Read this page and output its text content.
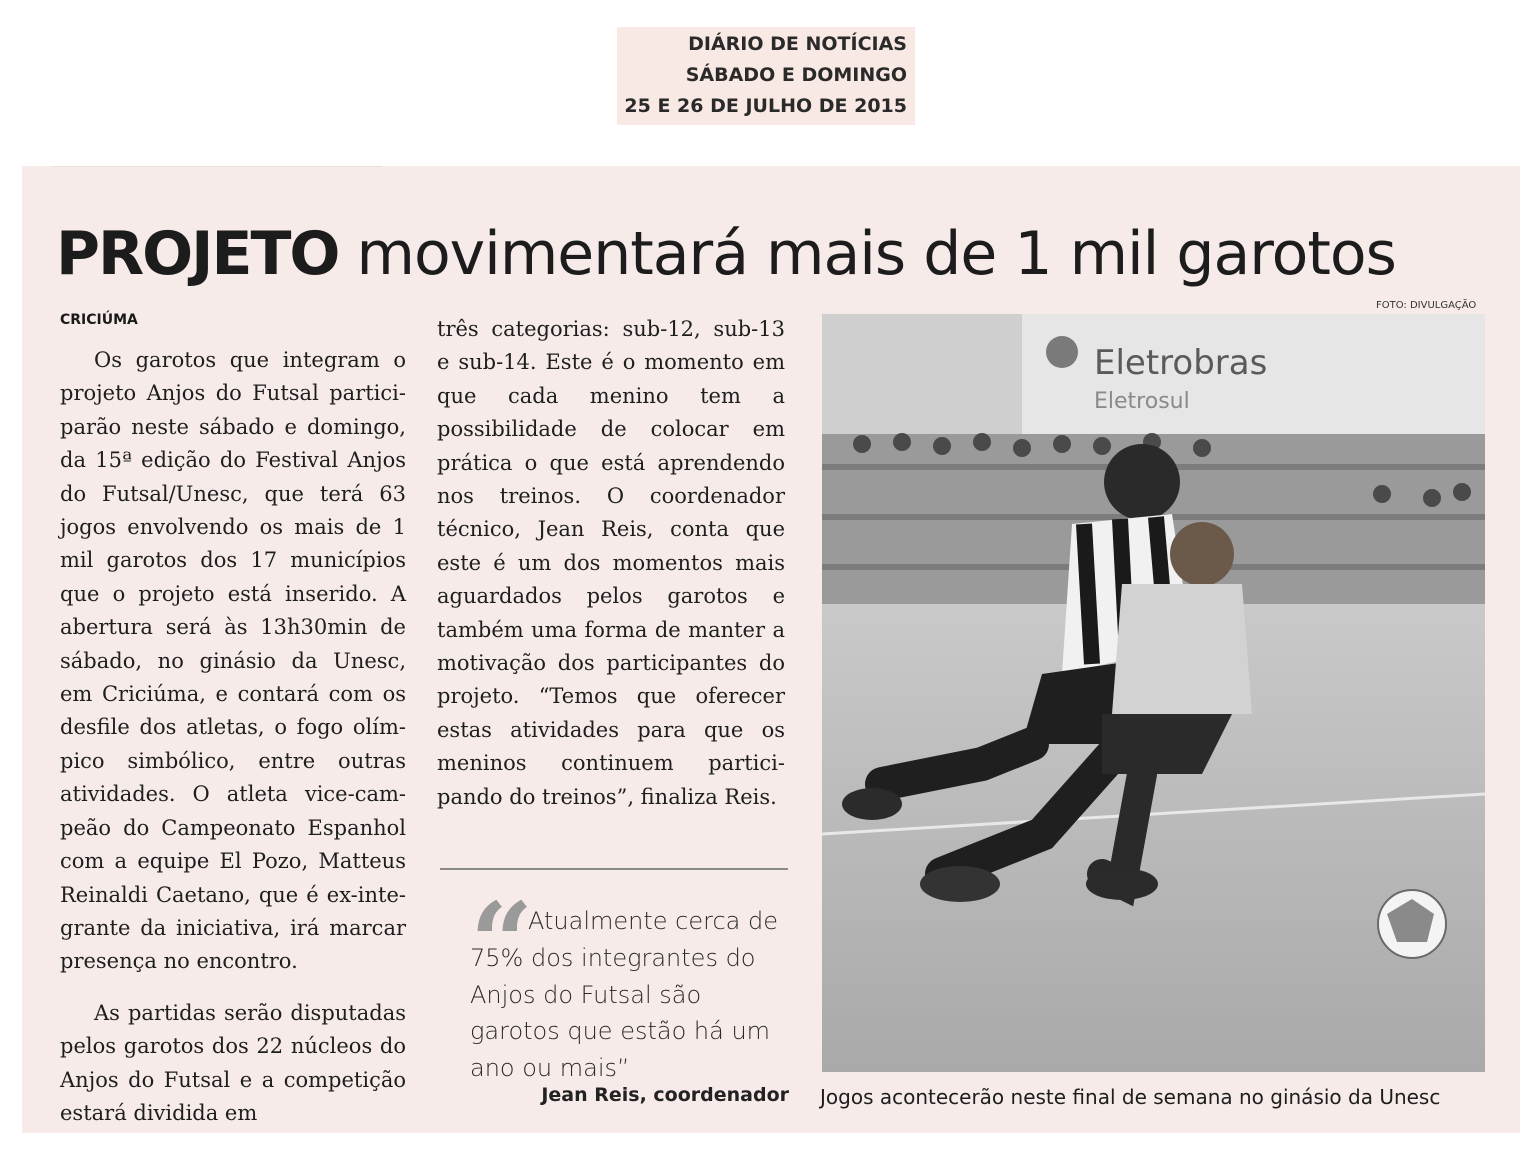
DIÁRIO DE NOTÍCIAS
SÁBADO E DOMINGO
25 E 26 DE JULHO DE 2015
PROJETO movimentará mais de 1 mil garotos
CRICIÚMA

Os garotos que integram o projeto Anjos do Futsal participarão neste sábado e domingo, da 15ª edição do Festival Anjos do Futsal/Unesc, que terá 63 jogos envolvendo os mais de 1 mil garotos dos 17 municípios que o projeto está inserido. A abertura será às 13h30min de sábado, no ginásio da Unesc, em Criciúma, e contará com os desfile dos atletas, o fogo olímpico simbólico, entre outras atividades. O atleta vice-campeão do Campeonato Espanhol com a equipe El Pozo, Matteus Reinaldi Caetano, que é ex-integrante da iniciativa, irá marcar presença no encontro.

As partidas serão disputadas pelos garotos dos 22 núcleos do Anjos do Futsal e a competição estará dividida em

três categorias: sub-12, sub-13 e sub-14. Este é o momento em que cada menino tem a possibilidade de colocar em prática o que está aprendendo nos treinos. O coordenador técnico, Jean Reis, conta que este é um dos momentos mais aguardados pelos garotos e também uma forma de manter a motivação dos participantes do projeto. “Temos que oferecer estas atividades para que os meninos continuem participando do treinos”, finaliza Reis.

“
Atualmente cerca de 75% dos integrantes do Anjos do Futsal são garotos que estão há um ano ou mais”
Jean Reis, coordenador
FOTO: DIVULGAÇÃO
Eletrobras
Eletrosul
Jogos acontecerão neste final de semana no ginásio da Unesc
